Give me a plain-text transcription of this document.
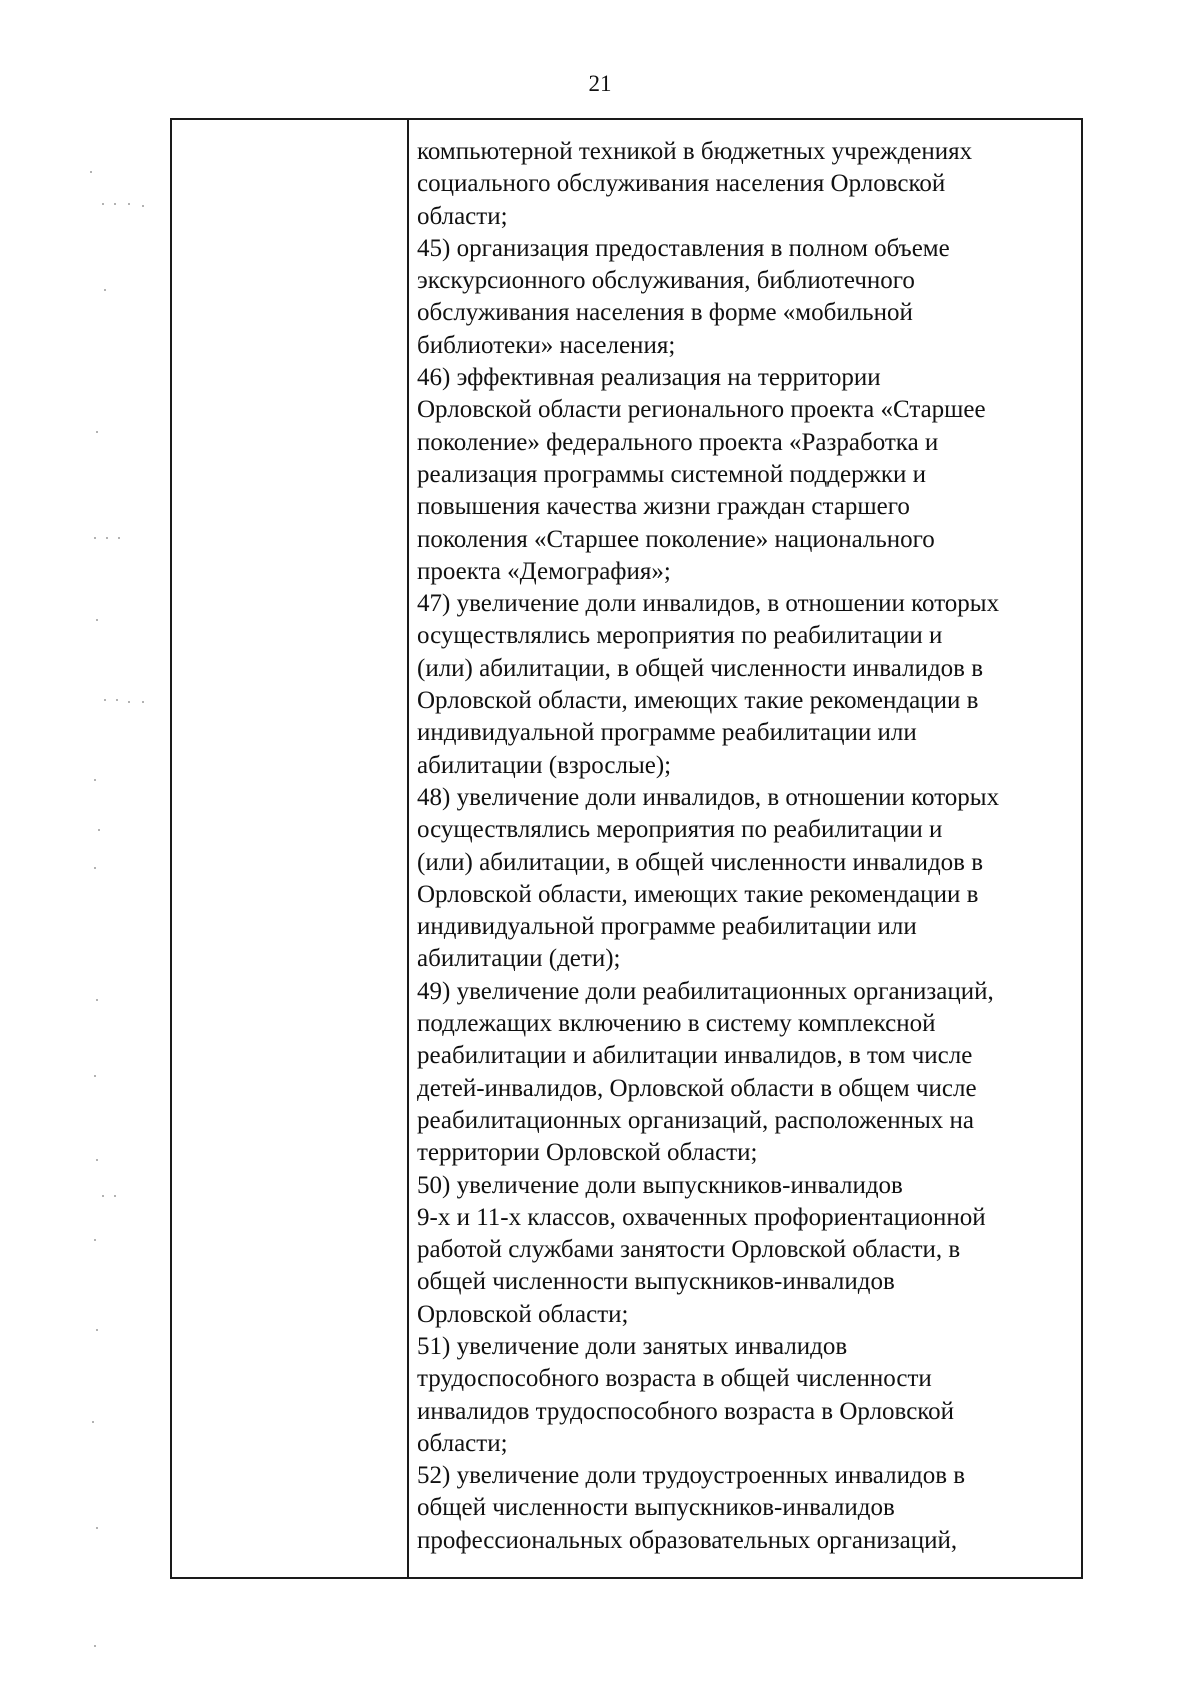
21
компьютерной техникой в бюджетных учреждениях
социального обслуживания населения Орловской
области;
45) организация предоставления в полном объеме
экскурсионного обслуживания, библиотечного
обслуживания населения в форме «мобильной
библиотеки» населения;
46) эффективная реализация на территории
Орловской области регионального проекта «Старшее
поколение» федерального проекта «Разработка и
реализация программы системной поддержки и
повышения качества жизни граждан старшего
поколения «Старшее поколение» национального
проекта «Демография»;
47) увеличение доли инвалидов, в отношении которых
осуществлялись мероприятия по реабилитации и
(или) абилитации, в общей численности инвалидов в
Орловской области, имеющих такие рекомендации в
индивидуальной программе реабилитации или
абилитации (взрослые);
48) увеличение доли инвалидов, в отношении которых
осуществлялись мероприятия по реабилитации и
(или) абилитации, в общей численности инвалидов в
Орловской области, имеющих такие рекомендации в
индивидуальной программе реабилитации или
абилитации (дети);
49) увеличение доли реабилитационных организаций,
подлежащих включению в систему комплексной
реабилитации и абилитации инвалидов, в том числе
детей-инвалидов, Орловской области в общем числе
реабилитационных организаций, расположенных на
территории Орловской области;
50) увеличение доли выпускников-инвалидов
9-х и 11-х классов, охваченных профориентационной
работой службами занятости Орловской области, в
общей численности выпускников-инвалидов
Орловской области;
51) увеличение доли занятых инвалидов
трудоспособного возраста в общей численности
инвалидов трудоспособного возраста в Орловской
области;
52) увеличение доли трудоустроенных инвалидов в
общей численности выпускников-инвалидов
профессиональных образовательных организаций,
